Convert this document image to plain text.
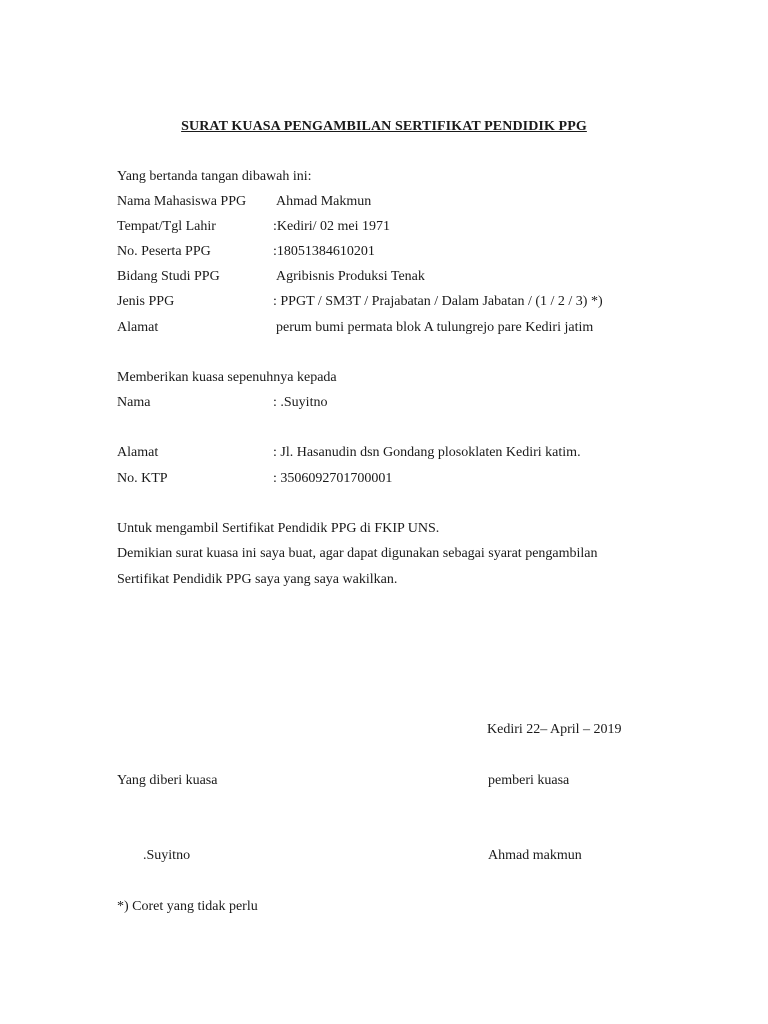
SURAT KUASA PENGAMBILAN SERTIFIKAT PENDIDIK PPG
Yang bertanda tangan dibawah ini:
Nama Mahasiswa PPG Ahmad Makmun
Tempat/Tgl Lahir	:Kediri/ 02 mei 1971
No. Peserta PPG	:18051384610201
Bidang Studi PPG	Agribisnis Produksi Tenak
Jenis PPG	: PPGT / SM3T / Prajabatan / Dalam Jabatan / (1 / 2 / 3) *)
Alamat	perum bumi permata blok A tulungrejo pare Kediri jatim
Memberikan kuasa sepenuhnya kepada
Nama	: .Suyitno
Alamat	: Jl. Hasanudin dsn Gondang plosoklaten Kediri katim.
No. KTP	: 3506092701700001
Untuk mengambil Sertifikat Pendidik PPG di FKIP UNS.
Demikian surat kuasa ini saya buat, agar dapat digunakan sebagai syarat pengambilan
Sertifikat Pendidik PPG saya yang saya wakilkan.
Kediri 22– April – 2019
Yang diberi kuasa	pemberi kuasa
.Suyitno	Ahmad makmun
*) Coret yang tidak perlu
